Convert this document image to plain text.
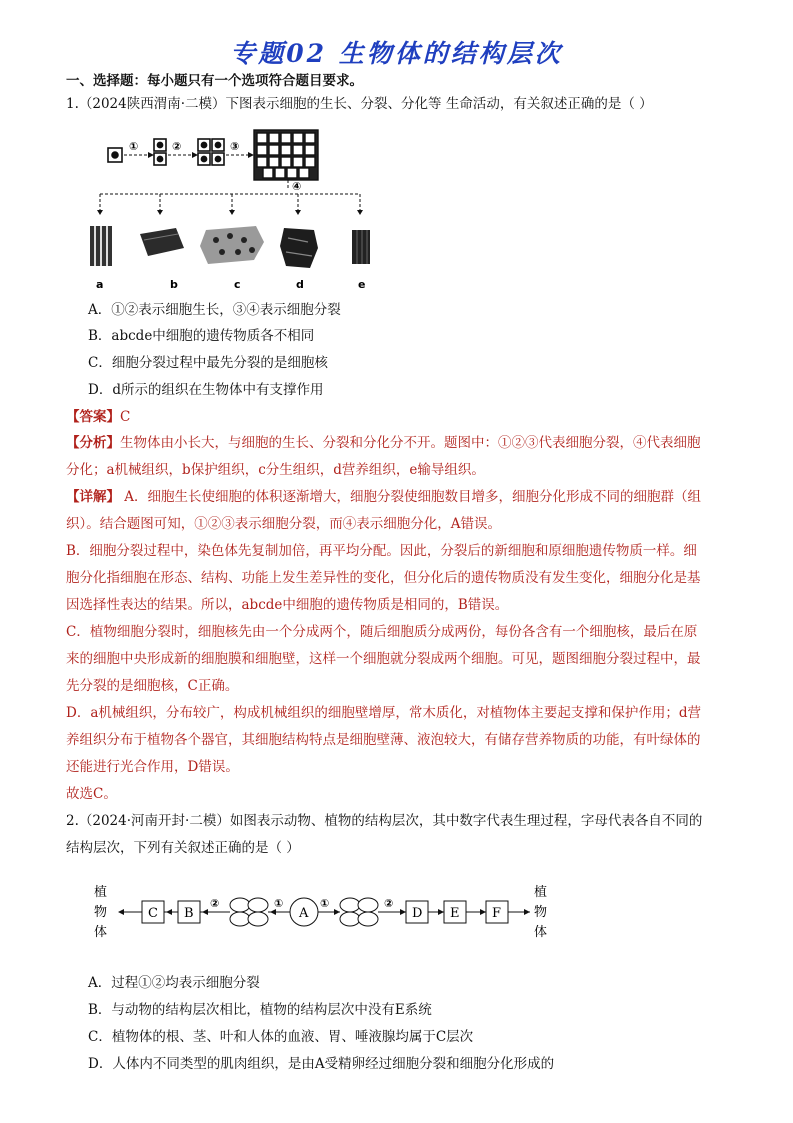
专题02 生物体的结构层次
一、选择题：每小题只有一个选项符合题目要求。
1.（2024陕西渭南·二模）下图表示细胞的生长、分裂、分化等 生命活动，有关叙述正确的是（ ）
①	②	③
④
a	b	c	d	e
A．①②表示细胞生长，③④表示细胞分裂
B．abcde中细胞的遗传物质各不相同
C．细胞分裂过程中最先分裂的是细胞核
D．d所示的组织在生物体中有支撑作用
【答案】C
【分析】生物体由小长大，与细胞的生长、分裂和分化分不开。题图中：①②③代表细胞分裂，④代表细胞
分化；a机械组织，b保护组织，c分生组织，d营养组织，e输导组织。
【详解】 A．细胞生长使细胞的体积逐渐增大，细胞分裂使细胞数目增多，细胞分化形成不同的细胞群（组
织）。结合题图可知，①②③表示细胞分裂，而④表示细胞分化，A错误。
B．细胞分裂过程中，染色体先复制加倍，再平均分配。因此，分裂后的新细胞和原细胞遗传物质一样。细
胞分化指细胞在形态、结构、功能上发生差异性的变化，但分化后的遗传物质没有发生变化，细胞分化是基
因选择性表达的结果。所以，abcde中细胞的遗传物质是相同的，B错误。
C．植物细胞分裂时，细胞核先由一个分成两个，随后细胞质分成两份，每份各含有一个细胞核，最后在原
来的细胞中央形成新的细胞膜和细胞壁，这样一个细胞就分裂成两个细胞。可见，题图细胞分裂过程中，最
先分裂的是细胞核，C正确。
D．a机械组织，分布较广，构成机械组织的细胞壁增厚，常木质化，对植物体主要起支撑和保护作用；d营
养组织分布于植物各个器官，其细胞结构特点是细胞壁薄、液泡较大，有储存营养物质的功能，有叶绿体的
还能进行光合作用，D错误。
故选C。
2.（2024·河南开封·二模）如图表示动物、植物的结构层次，其中数字代表生理过程，字母代表各自不同的
结构层次，下列有关叙述正确的是（ ）
植
物
体
C B
②	①
A
①	②
D E	F
植
物
体
A．过程①②均表示细胞分裂
B．与动物的结构层次相比，植物的结构层次中没有E系统
C．植物体的根、茎、叶和人体的血液、胃、唾液腺均属于C层次
D．人体内不同类型的肌肉组织，是由A受精卵经过细胞分裂和细胞分化形成的
